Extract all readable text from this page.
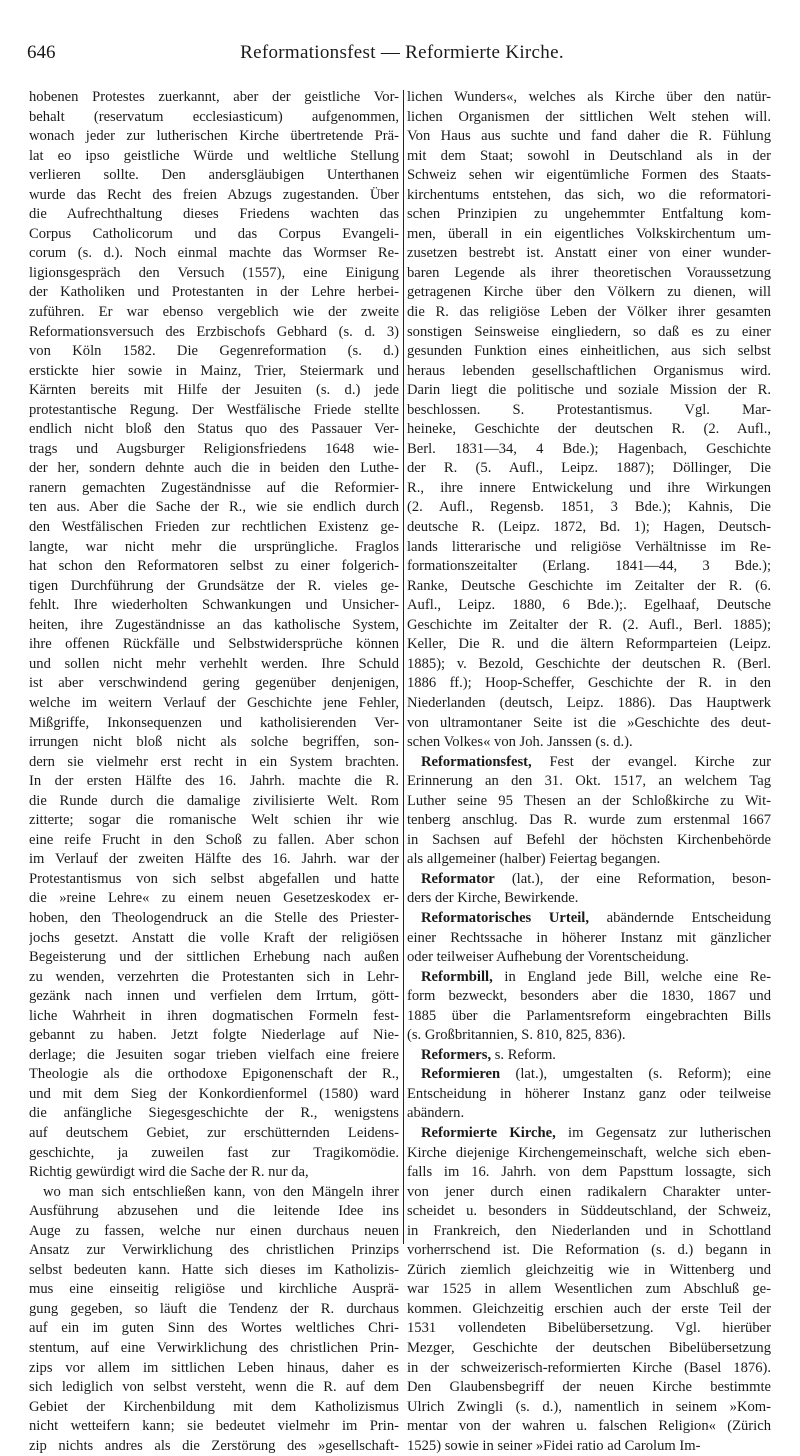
646	Reformationsfest — Reformierte Kirche.
hobenen Protestes zuerkannt, aber der geistliche Vor-
behalt (reservatum ecclesiasticum) aufgenommen,
wonach jeder zur lutherischen Kirche übertretende Prä-
lat eo ipso geistliche Würde und weltliche Stellung
verlieren sollte. Den andersgläubigen Unterthanen
wurde das Recht des freien Abzugs zugestanden. Über
die Aufrechthaltung dieses Friedens wachten das
Corpus Catholicorum und das Corpus Evangeli-
corum (s. d.). Noch einmal machte das Wormser Re-
ligionsgespräch den Versuch (1557), eine Einigung
der Katholiken und Protestanten in der Lehre herbei-
zuführen. Er war ebenso vergeblich wie der zweite
Reformationsversuch des Erzbischofs Gebhard (s. d. 3)
von Köln 1582. Die Gegenreformation (s. d.)
erstickte hier sowie in Mainz, Trier, Steiermark und
Kärnten bereits mit Hilfe der Jesuiten (s. d.) jede
protestantische Regung. Der Westfälische Friede stellte
endlich nicht bloß den Status quo des Passauer Ver-
trags und Augsburger Religionsfriedens 1648 wie-
der her, sondern dehnte auch die in beiden den Luthe-
ranern gemachten Zugeständnisse auf die Reformier-
ten aus. Aber die Sache der R., wie sie endlich durch
den Westfälischen Frieden zur rechtlichen Existenz ge-
langte, war nicht mehr die ursprüngliche. Fraglos
hat schon den Reformatoren selbst zu einer folgerich-
tigen Durchführung der Grundsätze der R. vieles ge-
fehlt. Ihre wiederholten Schwankungen und Unsicher-
heiten, ihre Zugeständnisse an das katholische System,
ihre offenen Rückfälle und Selbstwidersprüche können
und sollen nicht mehr verhehlt werden. Ihre Schuld
ist aber verschwindend gering gegenüber denjenigen,
welche im weitern Verlauf der Geschichte jene Fehler,
Mißgriffe, Inkonsequenzen und katholisierenden Ver-
irrungen nicht bloß nicht als solche begriffen, son-
dern sie vielmehr erst recht in ein System brachten.
In der ersten Hälfte des 16. Jahrh. machte die R.
die Runde durch die damalige zivilisierte Welt. Rom
zitterte; sogar die romanische Welt schien ihr wie
eine reife Frucht in den Schoß zu fallen. Aber schon
im Verlauf der zweiten Hälfte des 16. Jahrh. war der
Protestantismus von sich selbst abgefallen und hatte
die »reine Lehre« zu einem neuen Gesetzeskodex er-
hoben, den Theologendruck an die Stelle des Priester-
jochs gesetzt. Anstatt die volle Kraft der religiösen
Begeisterung und der sittlichen Erhebung nach außen
zu wenden, verzehrten die Protestanten sich in Lehr-
gezänk nach innen und verfielen dem Irrtum, gött-
liche Wahrheit in ihren dogmatischen Formeln fest-
gebannt zu haben. Jetzt folgte Niederlage auf Nie-
derlage; die Jesuiten sogar trieben vielfach eine freiere
Theologie als die orthodoxe Epigonenschaft der R.,
und mit dem Sieg der Konkordienformel (1580) ward
die anfängliche Siegesgeschichte der R., wenigstens
auf deutschem Gebiet, zur erschütternden Leidens-
geschichte, ja zuweilen fast zur Tragikomödie.
Richtig gewürdigt wird die Sache der R. nur da,
wo man sich entschließen kann, von den Mängeln ihrer
Ausführung abzusehen und die leitende Idee ins
Auge zu fassen, welche nur einen durchaus neuen
Ansatz zur Verwirklichung des christlichen Prinzips
selbst bedeuten kann. Hatte sich dieses im Katholizis-
mus eine einseitig religiöse und kirchliche Ausprä-
gung gegeben, so läuft die Tendenz der R. durchaus
auf ein im guten Sinn des Wortes weltliches Chri-
stentum, auf eine Verwirklichung des christlichen Prin-
zips vor allem im sittlichen Leben hinaus, daher es
sich lediglich von selbst versteht, wenn die R. auf dem
Gebiet der Kirchenbildung mit dem Katholizismus
nicht wetteifern kann; sie bedeutet vielmehr im Prin-
zip nichts andres als die Zerstörung des »gesellschaft-
lichen Wunders«, welches als Kirche über den natür-
lichen Organismen der sittlichen Welt stehen will.
Von Haus aus suchte und fand daher die R. Fühlung
mit dem Staat; sowohl in Deutschland als in der
Schweiz sehen wir eigentümliche Formen des Staats-
kirchentums entstehen, das sich, wo die reformatori-
schen Prinzipien zu ungehemmter Entfaltung kom-
men, überall in ein eigentliches Volkskirchentum um-
zusetzen bestrebt ist. Anstatt einer von einer wunder-
baren Legende als ihrer theoretischen Voraussetzung
getragenen Kirche über den Völkern zu dienen, will
die R. das religiöse Leben der Völker ihrer gesamten
sonstigen Seinsweise eingliedern, so daß es zu einer
gesunden Funktion eines einheitlichen, aus sich selbst
heraus lebenden gesellschaftlichen Organismus wird.
Darin liegt die politische und soziale Mission der R.
beschlossen. S. Protestantismus. Vgl. Mar-
heineke, Geschichte der deutschen R. (2. Aufl.,
Berl. 1831—34, 4 Bde.); Hagenbach, Geschichte
der R. (5. Aufl., Leipz. 1887); Döllinger, Die
R., ihre innere Entwickelung und ihre Wirkungen
(2. Aufl., Regensb. 1851, 3 Bde.); Kahnis, Die
deutsche R. (Leipz. 1872, Bd. 1); Hagen, Deutsch-
lands litterarische und religiöse Verhältnisse im Re-
formationszeitalter (Erlang. 1841—44, 3 Bde.);
Ranke, Deutsche Geschichte im Zeitalter der R. (6.
Aufl., Leipz. 1880, 6 Bde.);. Egelhaaf, Deutsche
Geschichte im Zeitalter der R. (2. Aufl., Berl. 1885);
Keller, Die R. und die ältern Reformparteien (Leipz.
1885); v. Bezold, Geschichte der deutschen R. (Berl.
1886 ff.); Hoop-Scheffer, Geschichte der R. in den
Niederlanden (deutsch, Leipz. 1886). Das Hauptwerk
von ultramontaner Seite ist die »Geschichte des deut-
schen Volkes« von Joh. Janssen (s. d.).
Reformationsfest, Fest der evangel. Kirche zur
Erinnerung an den 31. Okt. 1517, an welchem Tag
Luther seine 95 Thesen an der Schloßkirche zu Wit-
tenberg anschlug. Das R. wurde zum erstenmal 1667
in Sachsen auf Befehl der höchsten Kirchenbehörde
als allgemeiner (halber) Feiertag begangen.
Reformator (lat.), der eine Reformation, beson-
ders der Kirche, Bewirkende.
Reformatorisches Urteil, abändernde Entscheidung
einer Rechtssache in höherer Instanz mit gänzlicher
oder teilweiser Aufhebung der Vorentscheidung.
Reformbill, in England jede Bill, welche eine Re-
form bezweckt, besonders aber die 1830, 1867 und
1885 über die Parlamentsreform eingebrachten Bills
(s. Großbritannien, S. 810, 825, 836).
Reformers, s. Reform.
Reformieren (lat.), umgestalten (s. Reform); eine
Entscheidung in höherer Instanz ganz oder teilweise
abändern.
Reformierte Kirche, im Gegensatz zur lutherischen
Kirche diejenige Kirchengemeinschaft, welche sich eben-
falls im 16. Jahrh. von dem Papsttum lossagte, sich
von jener durch einen radikalern Charakter unter-
scheidet u. besonders in Süddeutschland, der Schweiz,
in Frankreich, den Niederlanden und in Schottland
vorherrschend ist. Die Reformation (s. d.) begann in
Zürich ziemlich gleichzeitig wie in Wittenberg und
war 1525 in allem Wesentlichen zum Abschluß ge-
kommen. Gleichzeitig erschien auch der erste Teil der
1531 vollendeten Bibelübersetzung. Vgl. hierüber
Mezger, Geschichte der deutschen Bibelübersetzung
in der schweizerisch-reformierten Kirche (Basel 1876).
Den Glaubensbegriff der neuen Kirche bestimmte
Ulrich Zwingli (s. d.), namentlich in seinem »Kom-
mentar von der wahren u. falschen Religion« (Zürich
1525) sowie in seiner »Fidei ratio ad Carolum Im-
